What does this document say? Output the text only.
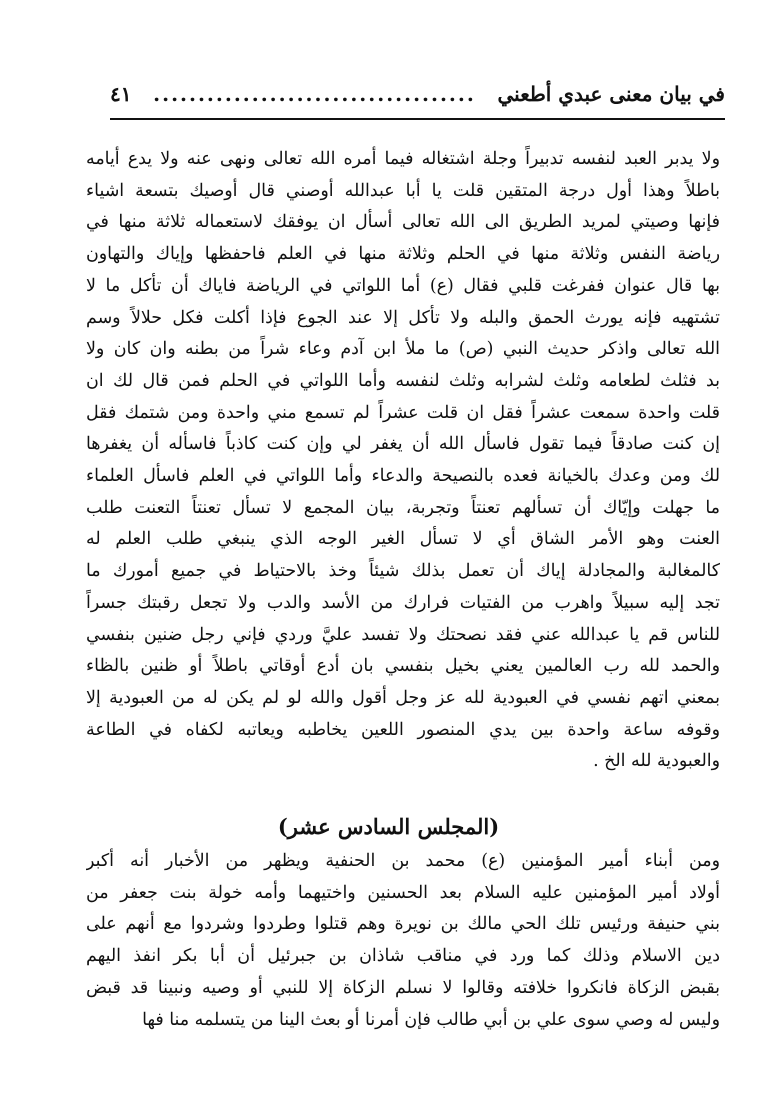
في بيان معنى عبدي أطعني
....................................
٤١
ولا يدبر العبد لنفسه تدبيراً وجلة اشتغاله فيما أمره الله تعالى ونهى عنه ولا يدع أيامه
باطلاً وهذا أول درجة المتقين قلت يا أبا عبدالله أوصني قال أوصيك بتسعة اشياء
فإنها وصيتي لمريد الطريق الى الله تعالى أسأل ان يوفقك لاستعماله ثلاثة منها في
رياضة النفس وثلاثة منها في الحلم وثلاثة منها في العلم فاحفظها وإياك والتهاون
بها قال عنوان ففرغت قلبي فقال (ع) أما اللواتي في الرياضة فاياك أن تأكل ما لا
تشتهيه فإنه يورث الحمق والبله ولا تأكل إلا عند الجوع فإذا أكلت فكل حلالاً وسم
الله تعالى واذكر حديث النبي (ص) ما ملأ ابن آدم وعاء شراً من بطنه وان كان ولا
بد فثلث لطعامه وثلث لشرابه وثلث لنفسه وأما اللواتي في الحلم فمن قال لك ان
قلت واحدة سمعت عشراً فقل ان قلت عشراً لم تسمع مني واحدة ومن شتمك فقل
إن كنت صادقاً فيما تقول فاسأل الله أن يغفر لي وإن كنت كاذباً فاسأله أن يغفرها
لك ومن وعدك بالخيانة فعده بالنصيحة والدعاء وأما اللواتي في العلم فاسأل العلماء
ما جهلت وإيّاك أن تسألهم تعنتاً وتجربة، بيان المجمع لا تسأل تعنتاً التعنت طلب
العنت وهو الأمر الشاق أي لا تسأل الغير الوجه الذي ينبغي طلب العلم له
كالمغالبة والمجادلة إياك أن تعمل بذلك شيئاً وخذ بالاحتياط في جميع أمورك ما
تجد إليه سبيلاً واهرب من الفتيات فرارك من الأسد والدب ولا تجعل رقبتك جسراً
للناس قم يا عبدالله عني فقد نصحتك ولا تفسد عليَّ وردي فإني رجل ضنين بنفسي
والحمد لله رب العالمين يعني بخيل بنفسي بان أدع أوقاتي باطلاً أو ظنين بالظاء
بمعني اتهم نفسي في العبودية لله عز وجل أقول والله لو لم يكن له من العبودية إلا
وقوفه ساعة واحدة بين يدي المنصور اللعين يخاطبه ويعاتبه لكفاه في الطاعة
والعبودية لله الخ .
(المجلس السادس عشر)
ومن أبناء أمير المؤمنين (ع) محمد بن الحنفية ويظهر من الأخبار أنه أكبر
أولاد أمير المؤمنين عليه السلام بعد الحسنين واختيهما وأمه خولة بنت جعفر من
بني حنيفة ورئيس تلك الحي مالك بن نويرة وهم قتلوا وطردوا وشردوا مع أنهم على
دين الاسلام وذلك كما ورد في مناقب شاذان بن جبرئيل أن أبا بكر انفذ اليهم
بقبض الزكاة فانكروا خلافته وقالوا لا نسلم الزكاة إلا للنبي أو وصيه ونبينا قد قبض
وليس له وصي سوى علي بن أبي طالب فإن أمرنا أو بعث الينا من يتسلمه منا فها
